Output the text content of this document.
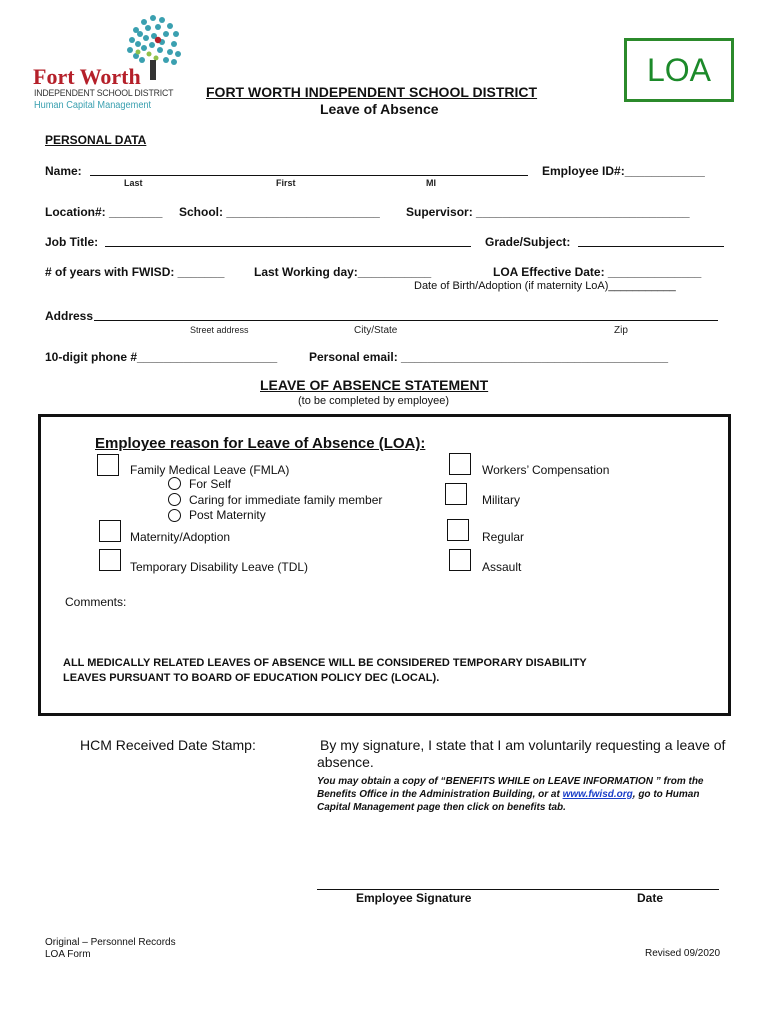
Fort Worth
INDEPENDENT SCHOOL DISTRICT
Human Capital Management
LOA
FORT WORTH INDEPENDENT SCHOOL DISTRICT
Leave of Absence
PERSONAL DATA
Name:
Last	First	MI
Employee ID#:____________
Location#: ________ School: _______________________ Supervisor: ________________________________
Job Title:	Grade/Subject:
# of years with FWISD: _______ Last Working day:___________	LOA Effective Date: ______________
Date of Birth/Adoption (if maternity LoA)___________
Address
Street address	City/State	Zip
10-digit phone #_____________________	Personal email: ________________________________________
LEAVE OF ABSENCE STATEMENT
(to be completed by employee)
Employee reason for Leave of Absence (LOA):
Family Medical Leave (FMLA)
For Self
Caring for immediate family member
Post Maternity
Maternity/Adoption
Temporary Disability Leave (TDL)
Workers’ Compensation
Military
Regular
Assault
Comments:
ALL MEDICALLY RELATED LEAVES OF ABSENCE WILL BE CONSIDERED TEMPORARY DISABILITY
LEAVES PURSUANT TO BOARD OF EDUCATION POLICY DEC (LOCAL).
HCM Received Date Stamp:	By my signature, I state that I am voluntarily requesting a leave of
absence.
You may obtain a copy of “BENEFITS WHILE on LEAVE INFORMATION ” from the
Benefits Office in the Administration Building, or at www.fwisd.org, go to Human
Capital Management page then click on benefits tab.
Employee Signature	Date
Original – Personnel Records
LOA Form	Revised 09/2020
